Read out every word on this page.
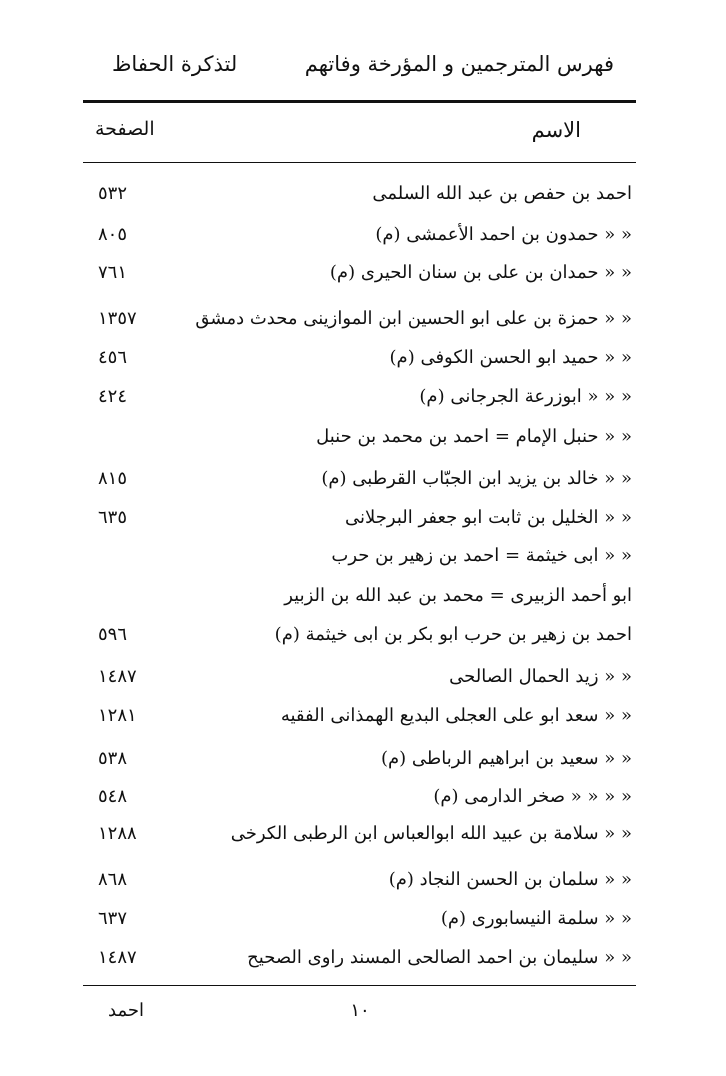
فهرس المترجمين و المؤرخة وفاتهم
لتذكرة الحفاظ
الاسم
الصفحة
احمد بن حفص بن عبد الله السلمى
٥٣٢
« « حمدون بن احمد الأعمشى (م)
٨٠٥
« « حمدان بن على بن سنان الحيرى (م)
٧٦١
« « حمزة بن على ابو الحسين ابن الموازينى محدث دمشق
١٣٥٧
« « حميد ابو الحسن الكوفى (م)
٤٥٦
« « « ابوزرعة الجرجانى (م)
٤٢٤
« « حنبل الإمام = احمد بن محمد بن حنبل
« « خالد بن يزيد ابن الجبّاب القرطبى (م)
٨١٥
« « الخليل بن ثابت ابو جعفر البرجلانى
٦٣٥
« « ابى خيثمة = احمد بن زهير بن حرب
ابو أحمد الزبيرى = محمد بن عبد الله بن الزبير
احمد بن زهير بن حرب ابو بكر بن ابى خيثمة (م)
٥٩٦
« « زيد الحمال الصالحى
١٤٨٧
« « سعد ابو على العجلى البديع الهمذانى الفقيه
١٢٨١
« « سعيد بن ابراهيم الرباطى (م)
٥٣٨
« « « « صخر الدارمى (م)
٥٤٨
« « سلامة بن عبيد الله ابوالعباس ابن الرطبى الكرخى
١٢٨٨
« « سلمان بن الحسن النجاد (م)
٨٦٨
« « سلمة النيسابورى (م)
٦٣٧
« « سليمان بن احمد الصالحى المسند راوى الصحيح
١٤٨٧
١٠
احمد
